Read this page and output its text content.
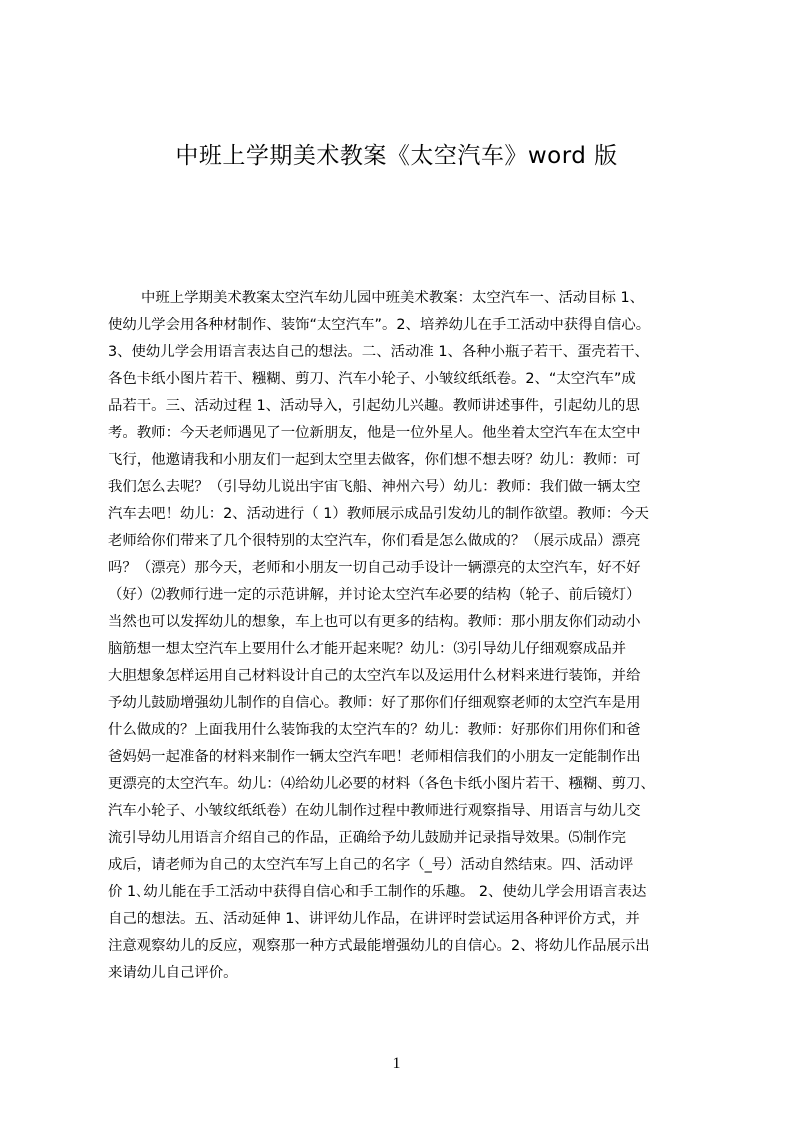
中班上学期美术教案《太空汽车》word 版
中班上学期美术教案太空汽车幼儿园中班美术教案：太空汽车一、活动目标 1、
使幼儿学会用各种材制作、装饰“太空汽车”。2、培养幼儿在手工活动中获得自信心。
3、使幼儿学会用语言表达自己的想法。二、活动准 1、各种小瓶子若干、蛋壳若干、
各色卡纸小图片若干、糨糊、剪刀、汽车小轮子、小皱纹纸纸卷。2、“太空汽车”成
品若干。三、活动过程 1、活动导入，引起幼儿兴趣。教师讲述事件，引起幼儿的思
考。教师：今天老师遇见了一位新朋友，他是一位外星人。他坐着太空汽车在太空中
飞行，他邀请我和小朋友们一起到太空里去做客，你们想不想去呀？幼儿：教师：可
我们怎么去呢？（引导幼儿说出宇宙飞船、神州六号）幼儿：教师：我们做一辆太空
汽车去吧！幼儿：2、活动进行（ 1）教师展示成品引发幼儿的制作欲望。教师：今天
老师给你们带来了几个很特别的太空汽车，你们看是怎么做成的？（展示成品）漂亮
吗？（漂亮）那今天，老师和小朋友一切自己动手设计一辆漂亮的太空汽车，好不好
（好）⑵教师行进一定的示范讲解，并讨论太空汽车必要的结构（轮子、前后镜灯）
当然也可以发挥幼儿的想象，车上也可以有更多的结构。教师：那小朋友你们动动小
脑筋想一想太空汽车上要用什么才能开起来呢？幼儿：⑶引导幼儿仔细观察成品并
大胆想象怎样运用自己材料设计自己的太空汽车以及运用什么材料来进行装饰，并给
予幼儿鼓励增强幼儿制作的自信心。教师：好了那你们仔细观察老师的太空汽车是用
什么做成的？上面我用什么装饰我的太空汽车的？幼儿：教师：好那你们用你们和爸
爸妈妈一起准备的材料来制作一辆太空汽车吧！老师相信我们的小朋友一定能制作出
更漂亮的太空汽车。幼儿：⑷给幼儿必要的材料（各色卡纸小图片若干、糨糊、剪刀、
汽车小轮子、小皱纹纸纸卷）在幼儿制作过程中教师进行观察指导、用语言与幼儿交
流引导幼儿用语言介绍自己的作品，正确给予幼儿鼓励并记录指导效果。⑸制作完
成后，请老师为自己的太空汽车写上自己的名字（_号）活动自然结束。四、活动评
价 1､幼儿能在手工活动中获得自信心和手工制作的乐趣。 2、使幼儿学会用语言表达
自己的想法。五、活动延伸 1、讲评幼儿作品，在讲评时尝试运用各种评价方式，并
注意观察幼儿的反应，观察那一种方式最能增强幼儿的自信心。2、将幼儿作品展示出
来请幼儿自己评价。
1
